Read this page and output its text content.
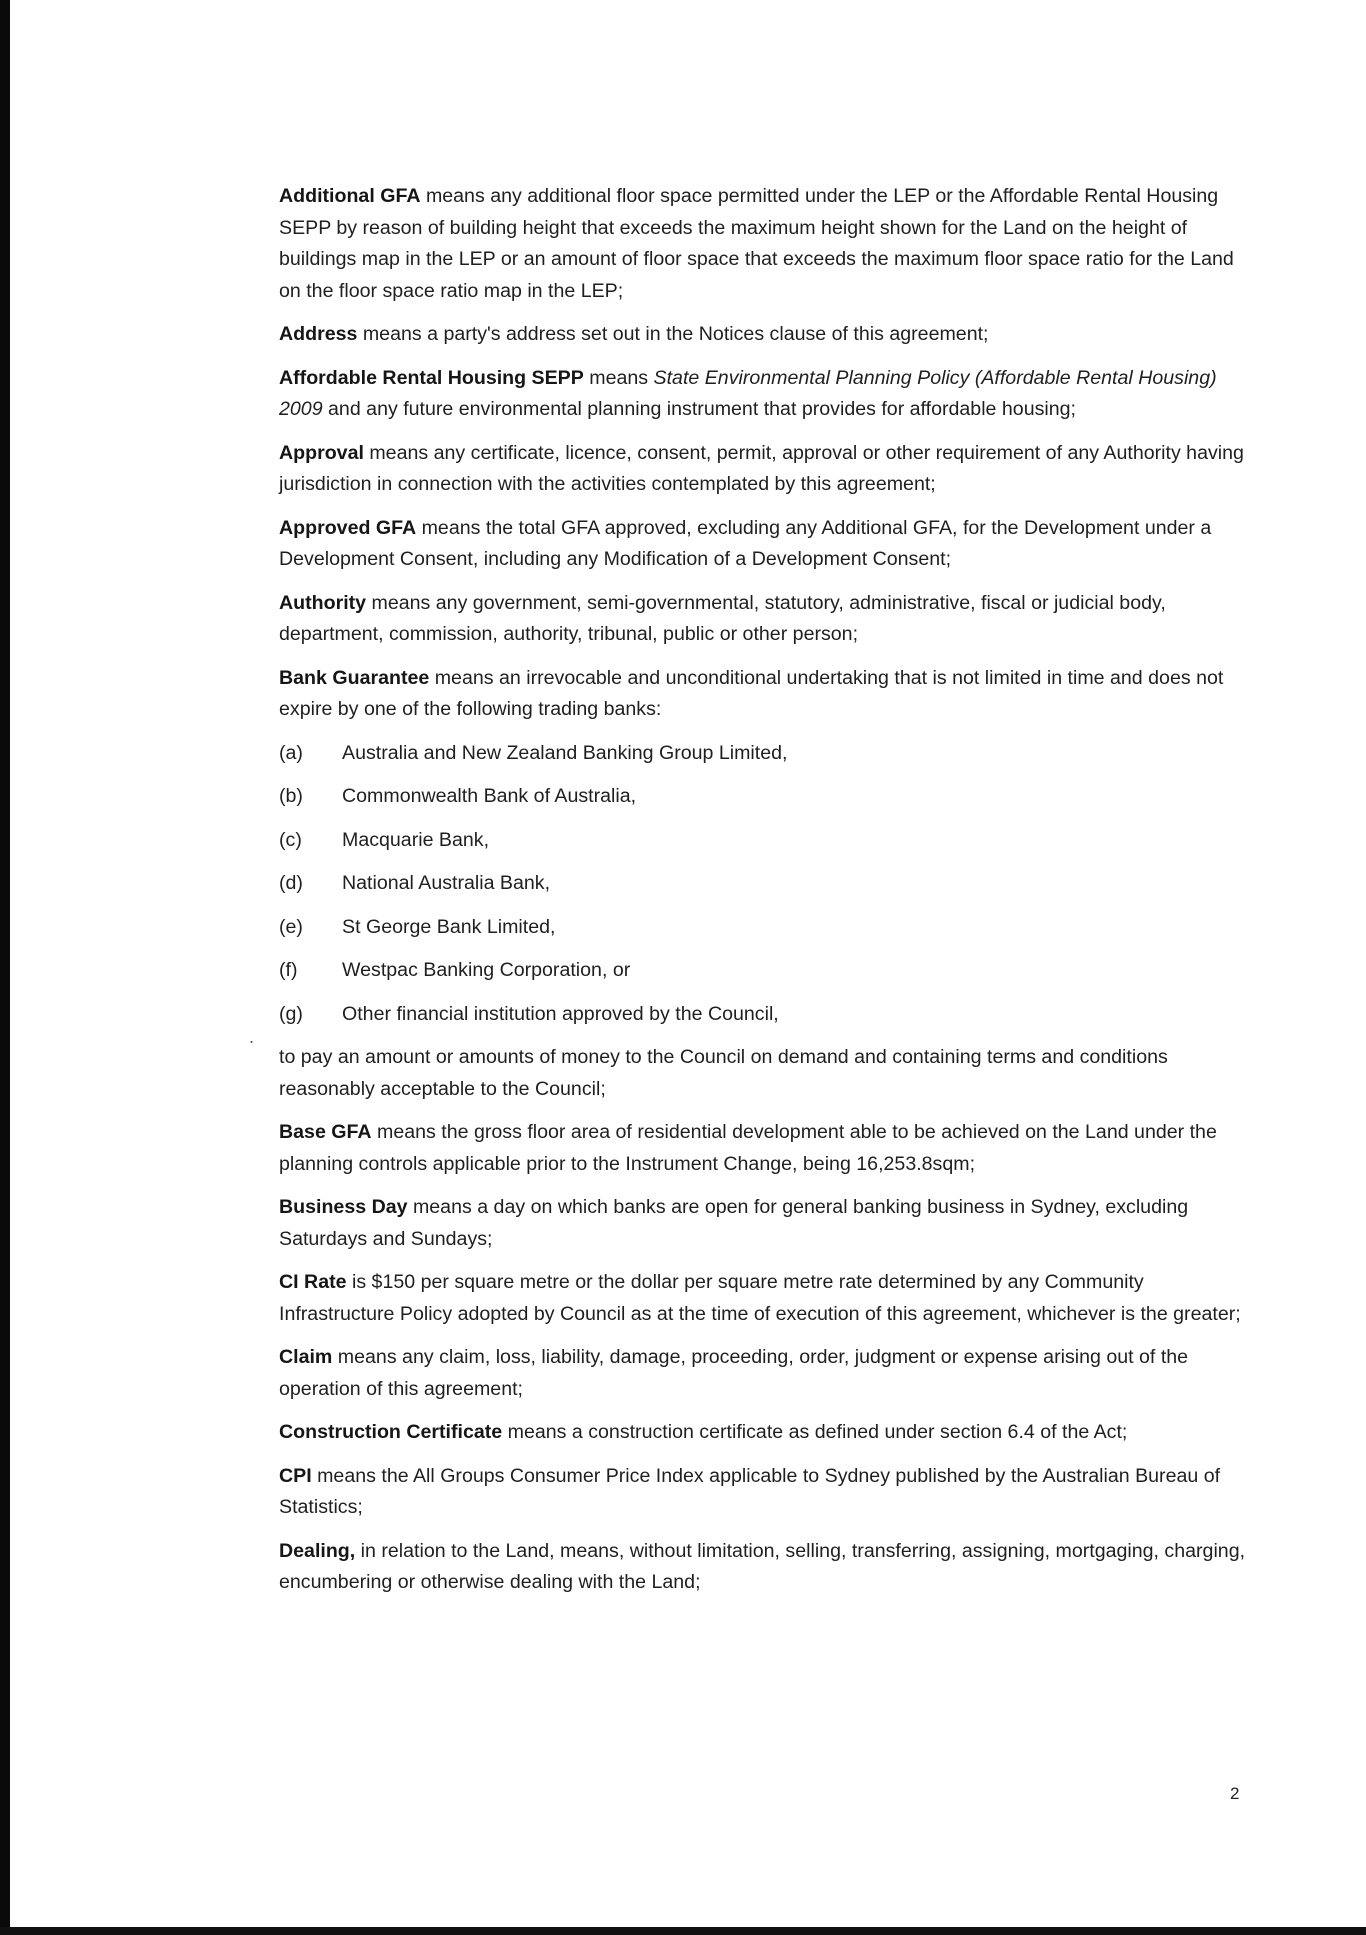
.

Additional GFA means any additional floor space permitted under the LEP or the Affordable Rental Housing SEPP by reason of building height that exceeds the maximum height shown for the Land on the height of buildings map in the LEP or an amount of floor space that exceeds the maximum floor space ratio for the Land on the floor space ratio map in the LEP;

Address means a party's address set out in the Notices clause of this agreement;

Affordable Rental Housing SEPP means State Environmental Planning Policy (Affordable Rental Housing) 2009 and any future environmental planning instrument that provides for affordable housing;

Approval means any certificate, licence, consent, permit, approval or other requirement of any Authority having jurisdiction in connection with the activities contemplated by this agreement;

Approved GFA means the total GFA approved, excluding any Additional GFA, for the Development under a Development Consent, including any Modification of a Development Consent;

Authority means any government, semi-governmental, statutory, administrative, fiscal or judicial body, department, commission, authority, tribunal, public or other person;

Bank Guarantee means an irrevocable and unconditional undertaking that is not limited in time and does not expire by one of the following trading banks:

(a)	Australia and New Zealand Banking Group Limited,
(b)	Commonwealth Bank of Australia,
(c)	Macquarie Bank,
(d)	National Australia Bank,
(e)	St George Bank Limited,
(f)	Westpac Banking Corporation, or
(g)	Other financial institution approved by the Council,

to pay an amount or amounts of money to the Council on demand and containing terms and conditions reasonably acceptable to the Council;

Base GFA means the gross floor area of residential development able to be achieved on the Land under the planning controls applicable prior to the Instrument Change, being 16,253.8sqm;

Business Day means a day on which banks are open for general banking business in Sydney, excluding Saturdays and Sundays;

CI Rate is $150 per square metre or the dollar per square metre rate determined by any Community Infrastructure Policy adopted by Council as at the time of execution of this agreement, whichever is the greater;

Claim means any claim, loss, liability, damage, proceeding, order, judgment or expense arising out of the operation of this agreement;

Construction Certificate means a construction certificate as defined under section 6.4 of the Act;

CPI means the All Groups Consumer Price Index applicable to Sydney published by the Australian Bureau of Statistics;

Dealing, in relation to the Land, means, without limitation, selling, transferring, assigning, mortgaging, charging, encumbering or otherwise dealing with the Land;

2
